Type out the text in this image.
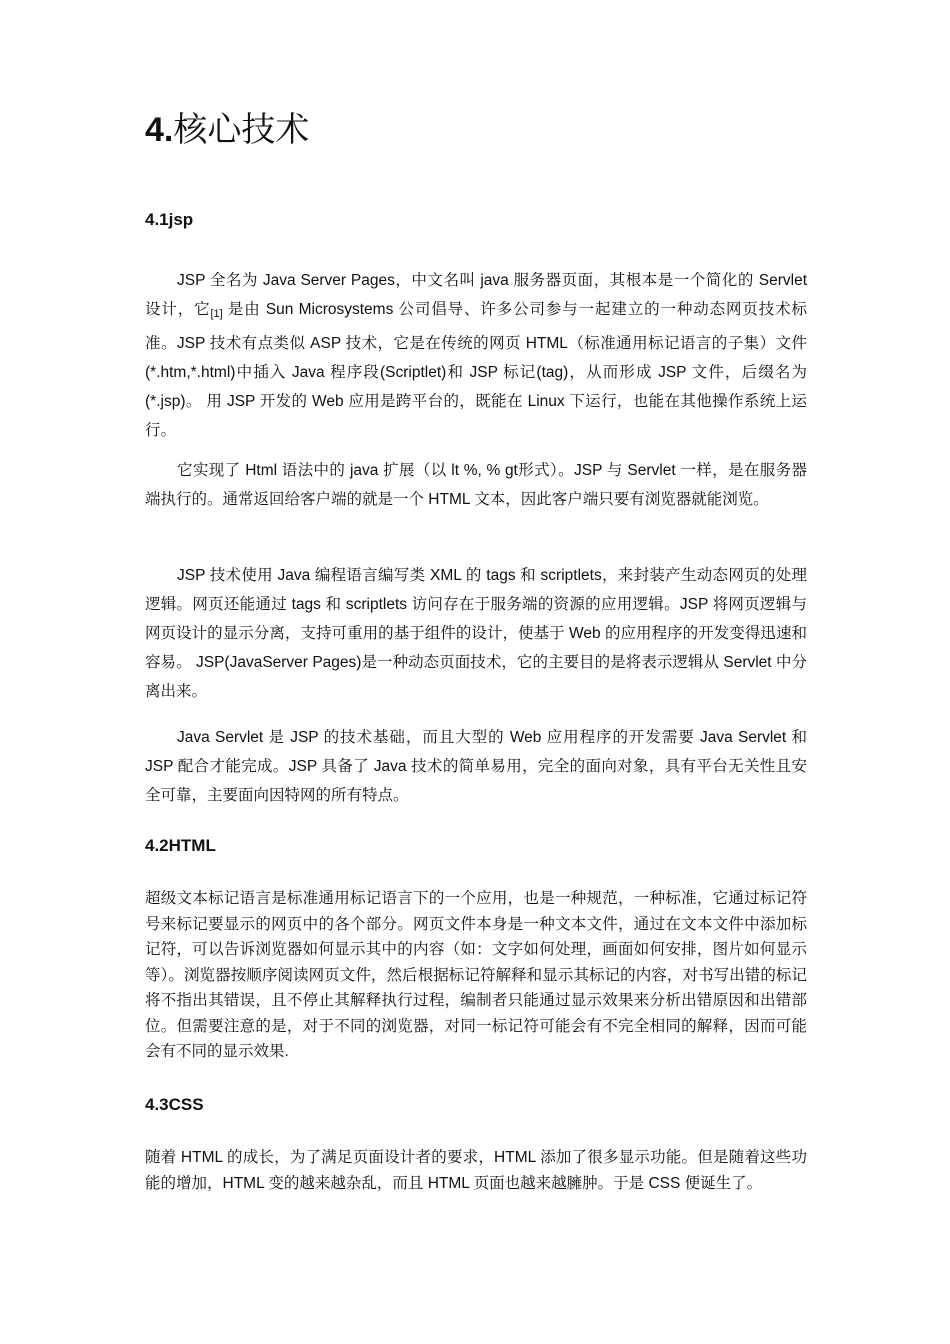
4.核心技术
4.1jsp

JSP 全名为 Java Server Pages，中文名叫 java 服务器页面，其根本是一个简化的 Servlet 设计，它$_{[1]}$ 是由 Sun Microsystems 公司倡导、许多公司参与一起建立的一种动态网页技术标准。JSP 技术有点类似 ASP 技术，它是在传统的网页 HTML（标准通用标记语言的子集）文件(*.htm,*.html)中插入 Java 程序段(Scriptlet)和 JSP 标记(tag)，从而形成 JSP 文件，后缀名为(*.jsp)。 用 JSP 开发的 Web 应用是跨平台的，既能在 Linux 下运行，也能在其他操作系统上运行。

它实现了 Html 语法中的 java 扩展（以 lt %, % gt形式）。JSP 与 Servlet 一样，是在服务器端执行的。通常返回给客户端的就是一个 HTML 文本，因此客户端只要有浏览器就能浏览。

JSP 技术使用 Java 编程语言编写类 XML 的 tags 和 scriptlets，来封装产生动态网页的处理逻辑。网页还能通过 tags 和 scriptlets 访问存在于服务端的资源的应用逻辑。JSP 将网页逻辑与网页设计的显示分离，支持可重用的基于组件的设计，使基于 Web 的应用程序的开发变得迅速和容易。 JSP(JavaServer Pages)是一种动态页面技术，它的主要目的是将表示逻辑从 Servlet 中分离出来。

Java Servlet 是 JSP 的技术基础，而且大型的 Web 应用程序的开发需要 Java Servlet 和 JSP 配合才能完成。JSP 具备了 Java 技术的简单易用，完全的面向对象，具有平台无关性且安全可靠，主要面向因特网的所有特点。

4.2HTML

超级文本标记语言是标准通用标记语言下的一个应用，也是一种规范，一种标准，它通过标记符号来标记要显示的网页中的各个部分。网页文件本身是一种文本文件，通过在文本文件中添加标记符，可以告诉浏览器如何显示其中的内容（如：文字如何处理，画面如何安排，图片如何显示等）。浏览器按顺序阅读网页文件，然后根据标记符解释和显示其标记的内容，对书写出错的标记将不指出其错误，且不停止其解释执行过程，编制者只能通过显示效果来分析出错原因和出错部位。但需要注意的是，对于不同的浏览器，对同一标记符可能会有不完全相同的解释，因而可能会有不同的显示效果.

4.3CSS

随着 HTML 的成长，为了满足页面设计者的要求，HTML 添加了很多显示功能。但是随着这些功能的增加，HTML 变的越来越杂乱，而且 HTML 页面也越来越臃肿。于是 CSS 便诞生了。
